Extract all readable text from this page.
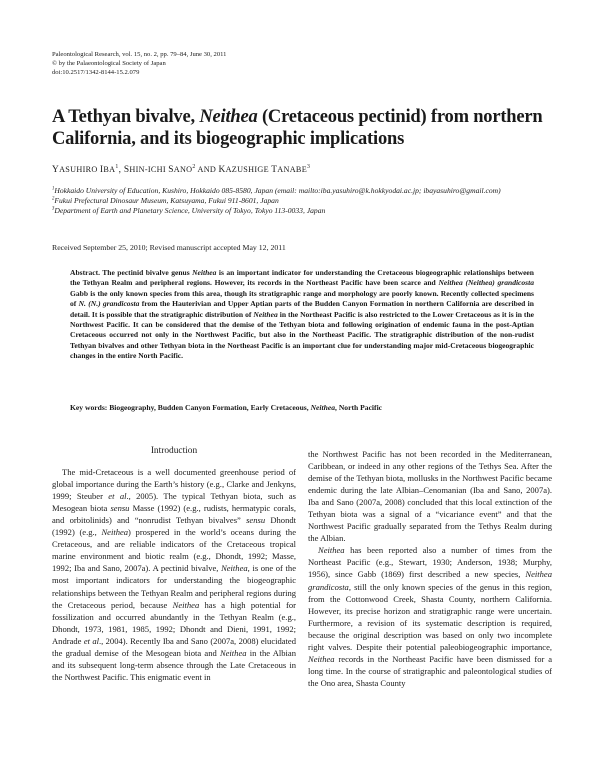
Paleontological Research, vol. 15, no. 2, pp. 79–84, June 30, 2011
© by the Palaeontological Society of Japan
doi:10.2517/1342-8144-15.2.079
A Tethyan bivalve, Neithea (Cretaceous pectinid) from northern California, and its biogeographic implications
YASUHIRO IBA$^1$, SHIN-ICHI SANO$^2$ AND KAZUSHIGE TANABE$^3$
$^1$Hokkaido University of Education, Kushiro, Hokkaido 085-8580, Japan (email: mailto:iba.yasuhiro@k.hokkyodai.ac.jp; ibayasuhiro@gmail.com)
$^2$Fukui Prefectural Dinosaur Museum, Katsuyama, Fukui 911-8601, Japan
$^3$Department of Earth and Planetary Science, University of Tokyo, Tokyo 113-0033, Japan
Received September 25, 2010; Revised manuscript accepted May 12, 2011

Abstract. The pectinid bivalve genus Neithea is an important indicator for understanding the Cretaceous biogeographic relationships between the Tethyan Realm and peripheral regions. However, its records in the Northeast Pacific have been scarce and Neithea (Neithea) grandicosta Gabb is the only known species from this area, though its stratigraphic range and morphology are poorly known. Recently collected specimens of N. (N.) grandicosta from the Hauterivian and Upper Aptian parts of the Budden Canyon Formation in northern California are described in detail. It is possible that the stratigraphic distribution of Neithea in the Northeast Pacific is also restricted to the Lower Cretaceous as it is in the Northwest Pacific. It can be considered that the demise of the Tethyan biota and following origination of endemic fauna in the post-Aptian Cretaceous occurred not only in the Northwest Pacific, but also in the Northeast Pacific. The stratigraphic distribution of the non-rudist Tethyan bivalves and other Tethyan biota in the Northeast Pacific is an important clue for understanding major mid-Cretaceous biogeographic changes in the entire North Pacific.

Key words: Biogeography, Budden Canyon Formation, Early Cretaceous, Neithea, North Pacific
Introduction

The mid-Cretaceous is a well documented greenhouse period of global importance during the Earth’s history (e.g., Clarke and Jenkyns, 1999; Steuber et al., 2005). The typical Tethyan biota, such as Mesogean biota sensu Masse (1992) (e.g., rudists, hermatypic corals, and orbitolinids) and “nonrudist Tethyan bivalves” sensu Dhondt (1992) (e.g., Neithea) prospered in the world’s oceans during the Cretaceous, and are reliable indicators of the Cretaceous tropical marine environment and biotic realm (e.g., Dhondt, 1992; Masse, 1992; Iba and Sano, 2007a). A pectinid bivalve, Neithea, is one of the most important indicators for understanding the biogeographic relationships between the Tethyan Realm and peripheral regions during the Cretaceous period, because Neithea has a high potential for fossilization and occurred abundantly in the Tethyan Realm (e.g., Dhondt, 1973, 1981, 1985, 1992; Dhondt and Dieni, 1991, 1992; Andrade et al., 2004). Recently Iba and Sano (2007a, 2008) elucidated the gradual demise of the Mesogean biota and Neithea in the Albian and its subsequent long-term absence through the Late Cretaceous in the Northwest Pacific. This enigmatic event in

the Northwest Pacific has not been recorded in the Mediterranean, Caribbean, or indeed in any other regions of the Tethys Sea. After the demise of the Tethyan biota, mollusks in the Northwest Pacific became endemic during the late Albian–Cenomanian (Iba and Sano, 2007a). Iba and Sano (2007a, 2008) concluded that this local extinction of the Tethyan biota was a signal of a “vicariance event” and that the Northwest Pacific gradually separated from the Tethys Realm during the Albian.

Neithea has been reported also a number of times from the Northeast Pacific (e.g., Stewart, 1930; Anderson, 1938; Murphy, 1956), since Gabb (1869) first described a new species, Neithea grandicosta, still the only known species of the genus in this region, from the Cottonwood Creek, Shasta County, northern California. However, its precise horizon and stratigraphic range were uncertain. Furthermore, a revision of its systematic description is required, because the original description was based on only two incomplete right valves. Despite their potential paleobiogeographic importance, Neithea records in the Northeast Pacific have been dismissed for a long time. In the course of stratigraphic and paleontological studies of the Ono area, Shasta County
